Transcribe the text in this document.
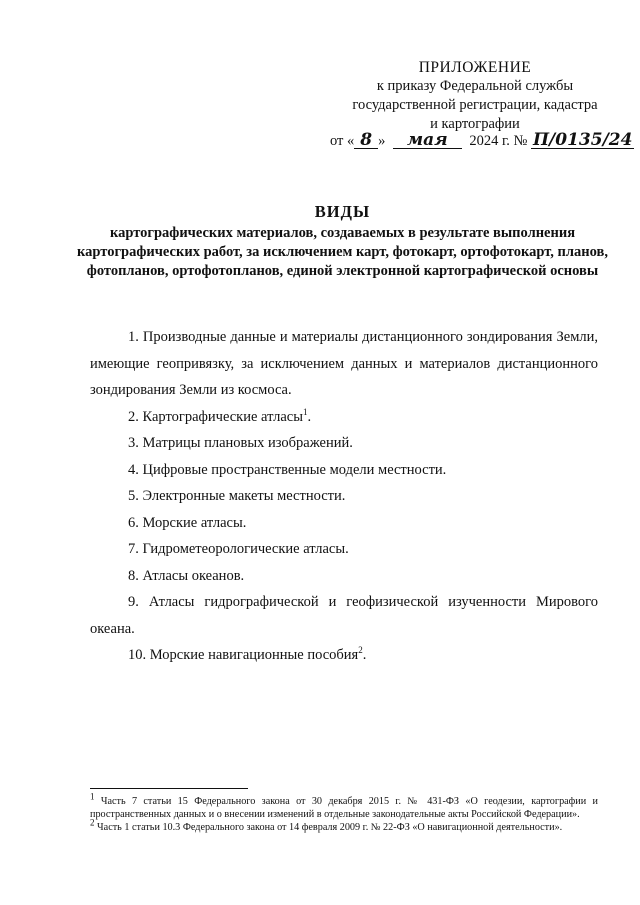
ПРИЛОЖЕНИЕ
к приказу Федеральной службы
государственной регистрации, кадастра
и картографии
от « 8 » мая 2024 г. № П/0135/24
ВИДЫ
картографических материалов, создаваемых в результате выполнения картографических работ, за исключением карт, фотокарт, ортофотокарт, планов, фотопланов, ортофотопланов, единой электронной картографической основы

1. Производные данные и материалы дистанционного зондирования Земли, имеющие геопривязку, за исключением данных и материалов дистанционного зондирования Земли из космоса.

2. Картографические атласы$^1$.

3. Матрицы плановых изображений.

4. Цифровые пространственные модели местности.

5. Электронные макеты местности.

6. Морские атласы.

7. Гидрометеорологические атласы.

8. Атласы океанов.

9. Атласы гидрографической и геофизической изученности Мирового океана.

10. Морские навигационные пособия$^2$.

$^1$ Часть 7 статьи 15 Федерального закона от 30 декабря 2015 г. № 431-ФЗ «О геодезии, картографии и пространственных данных и о внесении изменений в отдельные законодательные акты Российской Федерации».

$^2$ Часть 1 статьи 10.3 Федерального закона от 14 февраля 2009 г. № 22-ФЗ «О навигационной деятельности».
